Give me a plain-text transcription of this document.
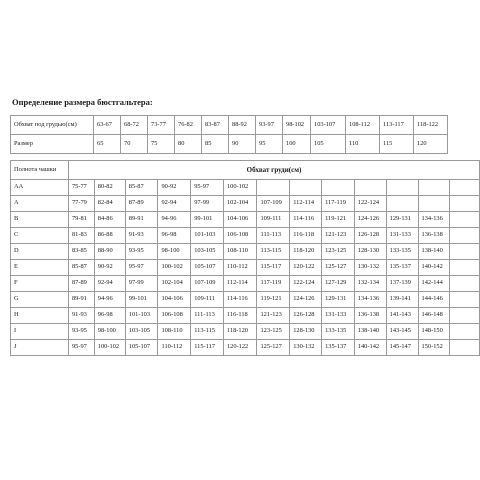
Определение размера бюстгальтера:
Обхват под грудью(см)	63-67	68-72	73-77	76-82	83-87	88-92	93-97	98-102	103-107	108-112	113-117	118-122
Размер	65	70	75	80	85	90	95	100	105	110	115	120
Полнота чашки	Обхват груди(см)												
AA	75-77	80-82	85-87	90-92	95-97	100-102							
A	77-79	82-84	87-89	92-94	97-99	102-104	107-109	112-114	117-119	122-124			
B	79-81	84-86	89-91	94-96	99-101	104-106	109-111	114-116	119-121	124-126	129-131	134-136	
C	81-83	86-88	91-93	96-98	101-103	106-108	111-113	116-118	121-123	126-128	131-133	136-138	
D	83-85	88-90	93-95	98-100	103-105	108-110	113-115	118-120	123-125	128-130	133-135	138-140	
E	85-87	90-92	95-97	100-102	105-107	110-112	115-117	120-122	125-127	130-132	135-137	140-142	
F	87-89	92-94	97-99	102-104	107-109	112-114	117-119	122-124	127-129	132-134	137-139	142-144	
G	89-91	94-96	99-101	104-106	109-111	114-116	119-121	124-126	129-131	134-136	139-141	144-146	
H	91-93	96-98	101-103	106-108	111-113	116-118	121-123	126-128	131-133	136-138	141-143	146-148	
I	93-95	98-100	103-105	108-110	113-115	118-120	123-125	128-130	133-135	138-140	143-145	148-150	
J	95-97	100-102	105-107	110-112	115-117	120-122	125-127	130-132	135-137	140-142	145-147	150-152	
